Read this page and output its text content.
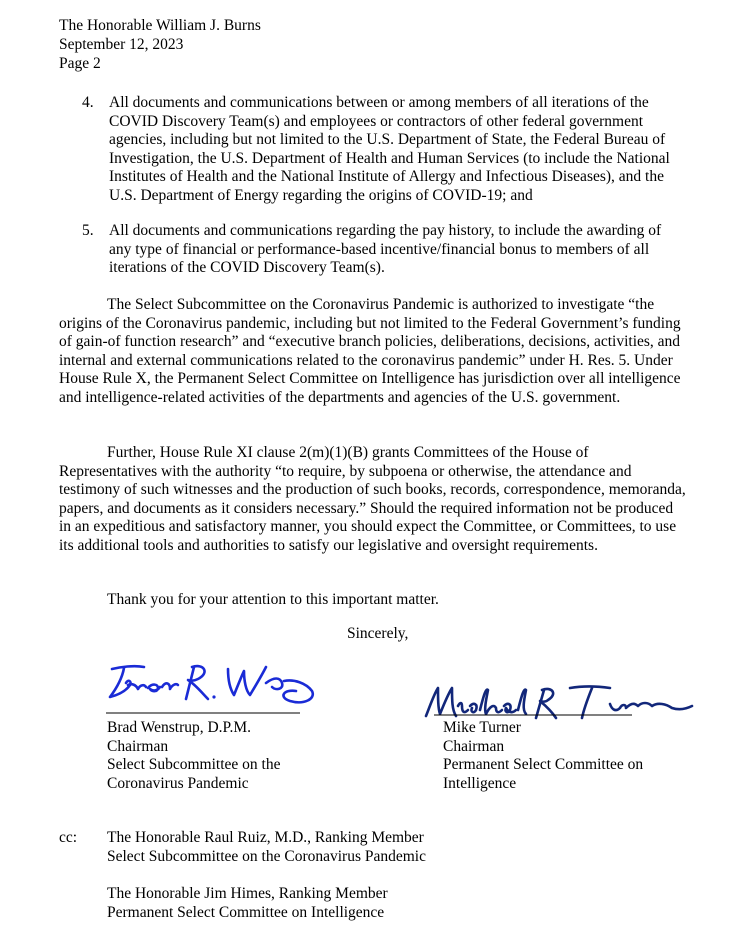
The Honorable William J. Burns
September 12, 2023
Page 2
4. All documents and communications between or among members of all iterations of the COVID Discovery Team(s) and employees or contractors of other federal government agencies, including but not limited to the U.S. Department of State, the Federal Bureau of Investigation, the U.S. Department of Health and Human Services (to include the National Institutes of Health and the National Institute of Allergy and Infectious Diseases), and the U.S. Department of Energy regarding the origins of COVID-19; and
5. All documents and communications regarding the pay history, to include the awarding of any type of financial or performance-based incentive/financial bonus to members of all iterations of the COVID Discovery Team(s).
The Select Subcommittee on the Coronavirus Pandemic is authorized to investigate “the origins of the Coronavirus pandemic, including but not limited to the Federal Government’s funding of gain-of function research” and “executive branch policies, deliberations, decisions, activities, and internal and external communications related to the coronavirus pandemic” under H. Res. 5. Under House Rule X, the Permanent Select Committee on Intelligence has jurisdiction over all intelligence and intelligence-related activities of the departments and agencies of the U.S. government.
Further, House Rule XI clause 2(m)(1)(B) grants Committees of the House of Representatives with the authority “to require, by subpoena or otherwise, the attendance and testimony of such witnesses and the production of such books, records, correspondence, memoranda, papers, and documents as it considers necessary.” Should the required information not be produced in an expeditious and satisfactory manner, you should expect the Committee, or Committees, to use its additional tools and authorities to satisfy our legislative and oversight requirements.
Thank you for your attention to this important matter.
Sincerely,
Brad Wenstrup, D.P.M.
Chairman
Select Subcommittee on the
Coronavirus Pandemic
Mike Turner
Chairman
Permanent Select Committee on
Intelligence
cc: The Honorable Raul Ruiz, M.D., Ranking Member
Select Subcommittee on the Coronavirus Pandemic
The Honorable Jim Himes, Ranking Member
Permanent Select Committee on Intelligence
